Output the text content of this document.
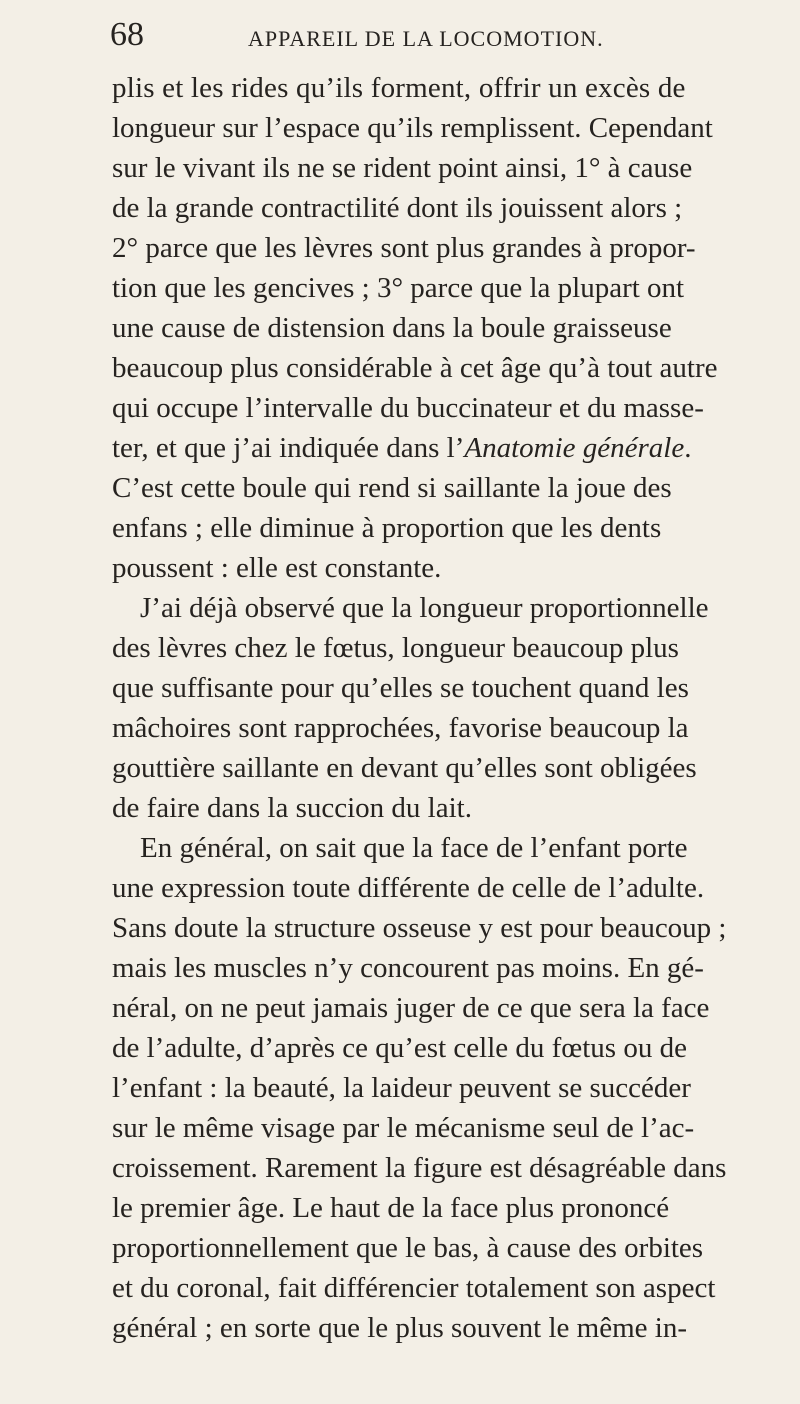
68	APPAREIL DE LA LOCOMOTION.
plis et les rides qu’ils forment, offrir un excès de
longueur sur l’espace qu’ils remplissent. Cependant
sur le vivant ils ne se rident point ainsi, 1° à cause
de la grande contractilité dont ils jouissent alors ;
2° parce que les lèvres sont plus grandes à propor-
tion que les gencives ; 3° parce que la plupart ont
une cause de distension dans la boule graisseuse
beaucoup plus considérable à cet âge qu’à tout autre
qui occupe l’intervalle du buccinateur et du masse-
ter, et que j’ai indiquée dans l’Anatomie générale.
C’est cette boule qui rend si saillante la joue des
enfans ; elle diminue à proportion que les dents
poussent : elle est constante.
J’ai déjà observé que la longueur proportionnelle
des lèvres chez le fœtus, longueur beaucoup plus
que suffisante pour qu’elles se touchent quand les
mâchoires sont rapprochées, favorise beaucoup la
gouttière saillante en devant qu’elles sont obligées
de faire dans la succion du lait.
En général, on sait que la face de l’enfant porte
une expression toute différente de celle de l’adulte.
Sans doute la structure osseuse y est pour beaucoup ;
mais les muscles n’y concourent pas moins. En gé-
néral, on ne peut jamais juger de ce que sera la face
de l’adulte, d’après ce qu’est celle du fœtus ou de
l’enfant : la beauté, la laideur peuvent se succéder
sur le même visage par le mécanisme seul de l’ac-
croissement. Rarement la figure est désagréable dans
le premier âge. Le haut de la face plus prononcé
proportionnellement que le bas, à cause des orbites
et du coronal, fait différencier totalement son aspect
général ; en sorte que le plus souvent le même in-
